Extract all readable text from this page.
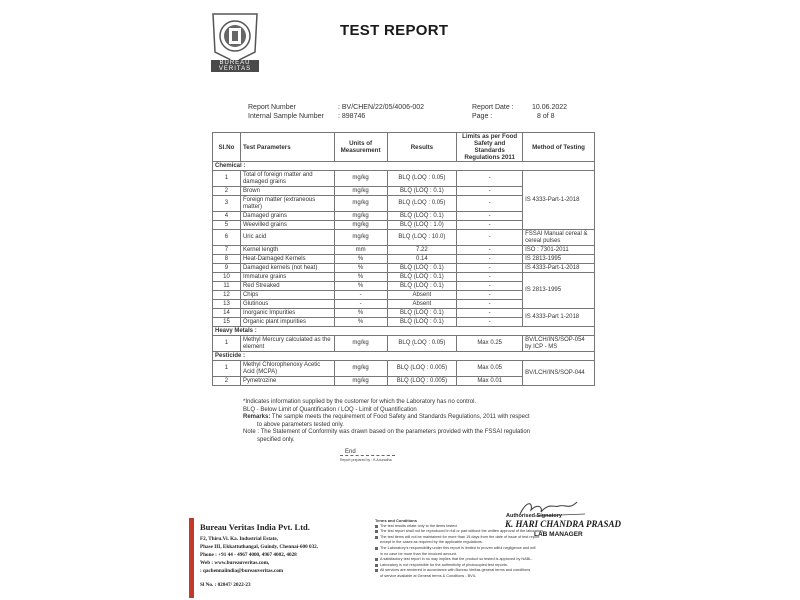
BUREAU
VERITAS
TEST REPORT
Report Number	: BV/CHEN/22/05/4006-002
Internal Sample Number : 898746
Report Date :	10.06.2022
Page :	8 of 8
Sl.No	Test Parameters	Units of Measurement	Results	Limits as per Food Safety and Standards Regulations 2011	Method of Testing
Chemical :					
1	Total of foreign matter and damaged grains	mg/kg	BLQ (LOQ : 0.05)	-	IS 4333-Part-1-2018
2	Brown	mg/kg	BLQ (LOQ : 0.1)	-	
3	Foreign matter (extraneous matter)	mg/kg	BLQ (LOQ : 0.05)	-	
4	Damaged grains	mg/kg	BLQ (LOQ : 0.1)	-	
5	Weevilled grains	mg/kg	BLQ (LOQ : 1.0)	-	
6	Uric acid	mg/kg	BLQ (LOQ : 10.0)	-	FSSAI Manual cereal & cereal pulses
7	Kernel length	mm	7.22	-	ISO : 7301-2011
8	Heat-Damaged Kernels	%	0.14	-	IS 2813-1995
9	Damaged kernels (not heat)	%	BLQ (LOQ : 0.1)	-	IS 4333-Part-1-2018
10	Immature grains	%	BLQ (LOQ : 0.1)	-	IS 2813-1995
11	Red Streaked	%	BLQ (LOQ : 0.1)	-	
12	Chips	-	Absent	-	
13	Glutinous	-	Absent	-	
14	Inorganic Impurities	%	BLQ (LOQ : 0.1)	-	IS 4333-Part 1-2018
15	Organic plant impurities	%	BLQ (LOQ : 0.1)	-	
Heavy Metals :					
1	Methyl Mercury calculated as the element	mg/kg	BLQ (LOQ : 0.05)	Max 0.25	BV/LCH/INS/SOP-054 by ICP - MS
Pesticide :					
1	Methyl Chlorophenoxy Acetic Acid (MCPA)	mg/kg	BLQ (LOQ : 0.005)	Max 0.05	BV/LCH/INS/SOP-044
2	Pymetrozine	mg/kg	BLQ (LOQ : 0.005)	Max 0.01	
*Indicates information supplied by the customer for which the Laboratory has no control.
BLQ - Below Limit of Quantification / LOQ - Limit of Quantification
Remarks: The sample meets the requirement of Food Safety and Standards Regulations, 2011 with respect
to above parameters tested only.
Note : The Statement of Conformity was drawn based on the parameters provided with the FSSAI regulation
specified only.
End
Report prepared by : K.Anuradha
Bureau Veritas India Pvt. Ltd.
F2, Thiru.Vi. Ka. Industrial Estate,
Phase III, Ekkattuthangal, Guindy, Chennai-600 032.
Phone : +91 44 - 4967 4000, 4967 4002, 4028
Web : www.bureauveritas.com,
: qachennaiindia@bureauveritas.com
Sl No. : 02847/ 2022-23
Terms and Conditions
The test results relate only to the items tested.
The test report shall not be reproduced in full or part without the written approval of the laboratory.
The test items will not be maintained for more than 15 days from the date of issue of test report
except in the cases as required by the applicable regulations.
The Laboratory's responsibility under this report is limited to proven wilful negligence and will
in no case be more than the invoiced amount.
A satisfactory test report in no way implies that the product so tested is approved by NABL.
Laboratory is not responsible for the authenticity of photocopied test reports.
All services are rendered in accordance with Bureau Veritas general terms and conditions
of service available at General terms & Conditions - BVIL
Authorised Signatory
K. HARI CHANDRA PRASAD
LAB MANAGER
